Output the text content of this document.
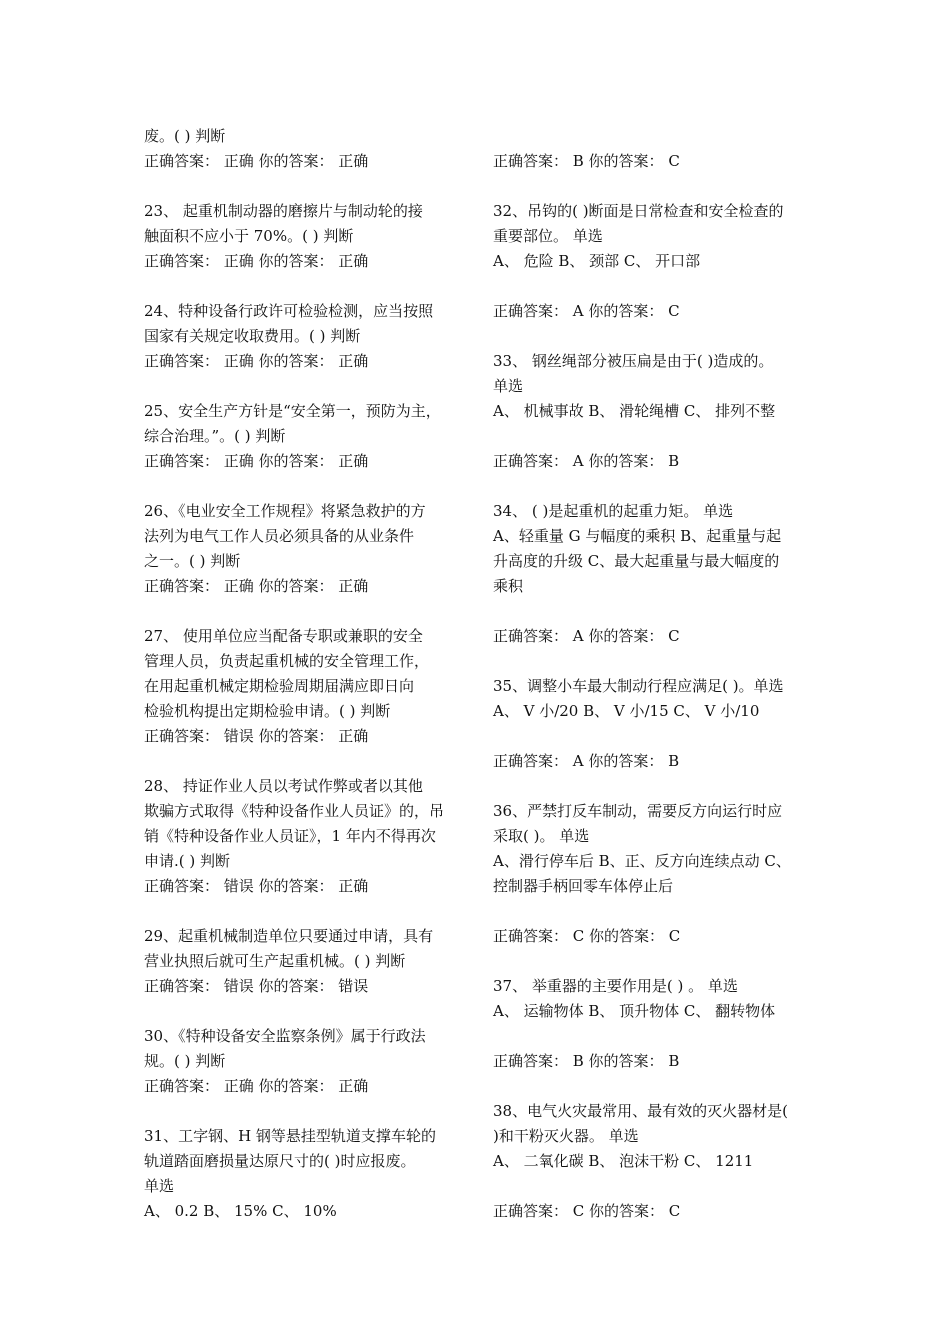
废。( ) 判断
正确答案： 正确 你的答案： 正确
23、 起重机制动器的磨擦片与制动轮的接
触面积不应小于 70%。( ) 判断
正确答案： 正确 你的答案： 正确
24、特种设备行政许可检验检测，应当按照
国家有关规定收取费用。( ) 判断
正确答案： 正确 你的答案： 正确
25、安全生产方针是“安全第一，预防为主，
综合治理。”。( ) 判断
正确答案： 正确 你的答案： 正确
26、《电业安全工作规程》将紧急救护的方
法列为电气工作人员必须具备的从业条件
之一。( ) 判断
正确答案： 正确 你的答案： 正确
27、 使用单位应当配备专职或兼职的安全
管理人员，负责起重机械的安全管理工作，
在用起重机械定期检验周期届满应即日向
检验机构提出定期检验申请。( ) 判断
正确答案： 错误 你的答案： 正确
28、 持证作业人员以考试作弊或者以其他
欺骗方式取得《特种设备作业人员证》的，吊
销《特种设备作业人员证》，1 年内不得再次
申请.( ) 判断
正确答案： 错误 你的答案： 正确
29、起重机械制造单位只要通过申请，具有
营业执照后就可生产起重机械。( ) 判断
正确答案： 错误 你的答案： 错误
30、《特种设备安全监察条例》属于行政法
规。( ) 判断
正确答案： 正确 你的答案： 正确
31、工字钢、H 钢等悬挂型轨道支撑车轮的
轨道踏面磨损量达原尺寸的( )时应报废。
单选
A、 0.2 B、 15% C、 10%
正确答案： B 你的答案： C
32、吊钩的( )断面是日常检查和安全检查的
重要部位。 单选
A、 危险 B、 颈部 C、 开口部
正确答案： A 你的答案： C
33、 钢丝绳部分被压扁是由于( )造成的。
单选
A、 机械事故 B、 滑轮绳槽 C、 排列不整
正确答案： A 你的答案： B
34、 ( )是起重机的起重力矩。 单选
A、轻重量 G 与幅度的乘积 B、起重量与起
升高度的升级 C、最大起重量与最大幅度的
乘积
正确答案： A 你的答案： C
35、调整小车最大制动行程应满足( )。单选
A、 V 小/20 B、 V 小/15 C、 V 小/10
正确答案： A 你的答案： B
36、严禁打反车制动，需要反方向运行时应
采取( )。 单选
A、滑行停车后 B、正、反方向连续点动 C、
控制器手柄回零车体停止后
正确答案： C 你的答案： C
37、 举重器的主要作用是( ) 。 单选
A、 运输物体 B、 顶升物体 C、 翻转物体
正确答案： B 你的答案： B
38、电气火灾最常用、最有效的灭火器材是(
)和干粉灭火器。 单选
A、 二氧化碳 B、 泡沫干粉 C、 1211
正确答案： C 你的答案： C
